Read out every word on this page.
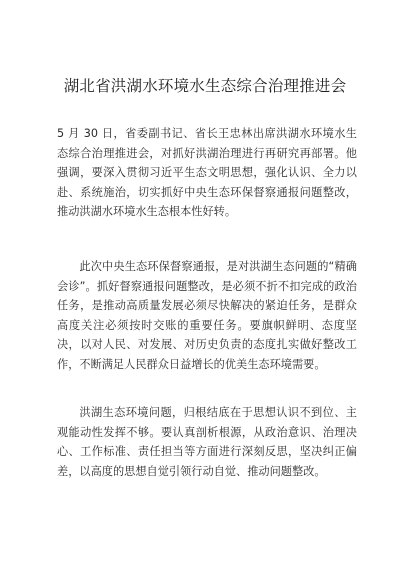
湖北省洪湖水环境水生态综合治理推进会

5 月 30 日，省委副书记、省长王忠林出席洪湖水环境水生态综合治理推进会，对抓好洪湖治理进行再研究再部署。他强调，要深入贯彻习近平生态文明思想，强化认识、全力以赴、系统施治，切实抓好中央生态环保督察通报问题整改，推动洪湖水环境水生态根本性好转。

此次中央生态环保督察通报，是对洪湖生态问题的“精确会诊”。抓好督察通报问题整改，是必须不折不扣完成的政治任务，是推动高质量发展必须尽快解决的紧迫任务，是群众高度关注必须按时交账的重要任务。要旗帜鲜明、态度坚决，以对人民、对发展、对历史负责的态度扎实做好整改工作，不断满足人民群众日益增长的优美生态环境需要。

洪湖生态环境问题，归根结底在于思想认识不到位、主观能动性发挥不够。要认真剖析根源，从政治意识、治理决心、工作标准、责任担当等方面进行深刻反思，坚决纠正偏差，以高度的思想自觉引领行动自觉、推动问题整改。
